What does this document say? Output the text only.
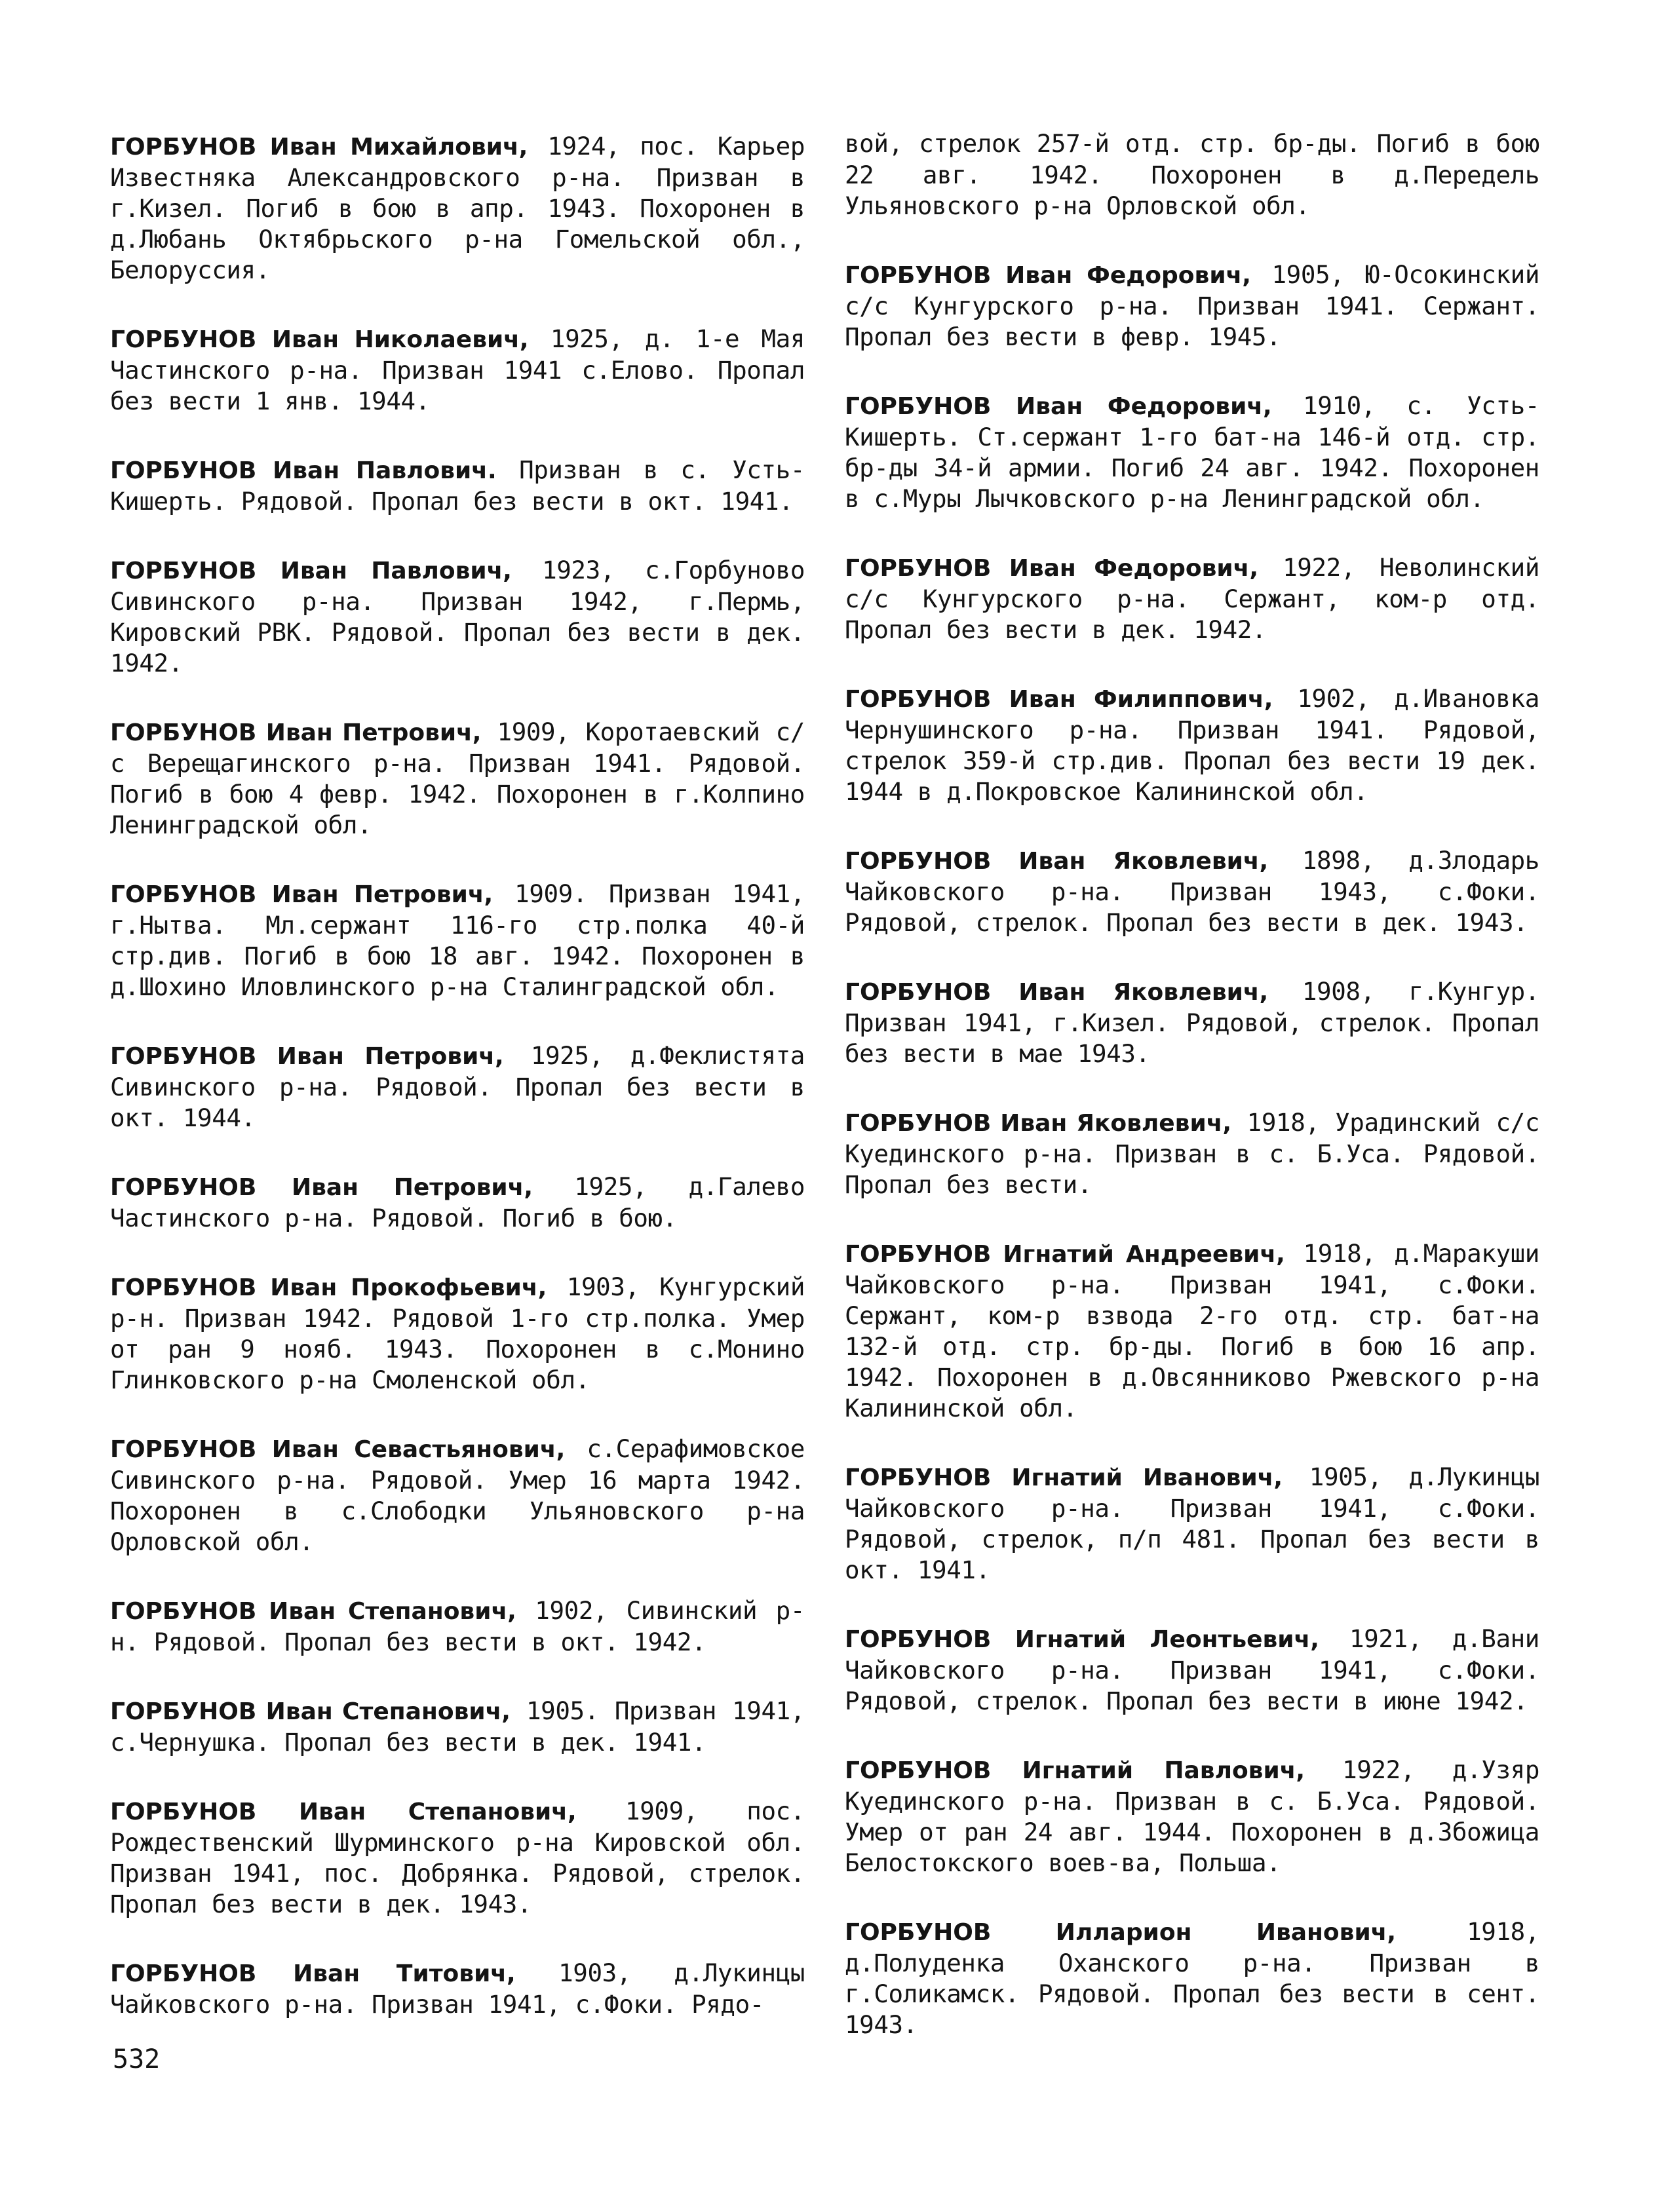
ГОРБУНОВ Иван Михайлович, 1924, пос. Карьер Известняка Александровского р-на. Призван в г.Кизел. Погиб в бою в апр. 1943. Похоронен в д.Любань Октябрьского р-на Гомельской обл., Белоруссия.

ГОРБУНОВ Иван Николаевич, 1925, д. 1-е Мая Частинского р-на. Призван 1941 с.Елово. Пропал без вести 1 янв. 1944.

ГОРБУНОВ Иван Павлович. Призван в с. Усть-Кишерть. Рядовой. Пропал без вести в окт. 1941.

ГОРБУНОВ Иван Павлович, 1923, с.Горбуново Сивинского р-на. Призван 1942, г.Пермь, Кировский РВК. Рядовой. Пропал без вести в дек. 1942.

ГОРБУНОВ Иван Петрович, 1909, Коротаевский с/с Верещагинского р-на. Призван 1941. Рядовой. Погиб в бою 4 февр. 1942. Похоронен в г.Колпино Ленинградской обл.

ГОРБУНОВ Иван Петрович, 1909. Призван 1941, г.Нытва. Мл.сержант 116-го стр.полка 40-й стр.див. Погиб в бою 18 авг. 1942. Похоронен в д.Шохино Иловлинского р-на Сталинградской обл.

ГОРБУНОВ Иван Петрович, 1925, д.Феклистята Сивинского р-на. Рядовой. Пропал без вести в окт. 1944.

ГОРБУНОВ Иван Петрович, 1925, д.Галево Частинского р-на. Рядовой. Погиб в бою.

ГОРБУНОВ Иван Прокофьевич, 1903, Кунгурский р-н. Призван 1942. Рядовой 1-го стр.полка. Умер от ран 9 нояб. 1943. Похоронен в с.Монино Глинковского р-на Смоленской обл.

ГОРБУНОВ Иван Севастьянович, с.Серафимовское Сивинского р-на. Рядовой. Умер 16 марта 1942. Похоронен в с.Слободки Ульяновского р-на Орловской обл.

ГОРБУНОВ Иван Степанович, 1902, Сивинский р-н. Рядовой. Пропал без вести в окт. 1942.

ГОРБУНОВ Иван Степанович, 1905. Призван 1941, с.Чернушка. Пропал без вести в дек. 1941.

ГОРБУНОВ Иван Степанович, 1909, пос. Рождественский Шурминского р-на Кировской обл. Призван 1941, пос. Добрянка. Рядовой, стрелок. Пропал без вести в дек. 1943.

ГОРБУНОВ Иван Титович, 1903, д.Лукинцы Чайковского р-на. Призван 1941, с.Фоки. Рядо-

вой, стрелок 257-й отд. стр. бр-ды. Погиб в бою 22 авг. 1942. Похоронен в д.Передель Ульяновского р-на Орловской обл.

ГОРБУНОВ Иван Федорович, 1905, Ю-Осокинский с/с Кунгурского р-на. Призван 1941. Сержант. Пропал без вести в февр. 1945.

ГОРБУНОВ Иван Федорович, 1910, с. Усть-Кишерть. Ст.сержант 1-го бат-на 146-й отд. стр. бр-ды 34-й армии. Погиб 24 авг. 1942. Похоронен в с.Муры Лычковского р-на Ленинградской обл.

ГОРБУНОВ Иван Федорович, 1922, Неволинский с/с Кунгурского р-на. Сержант, ком-р отд. Пропал без вести в дек. 1942.

ГОРБУНОВ Иван Филиппович, 1902, д.Ивановка Чернушинского р-на. Призван 1941. Рядовой, стрелок 359-й стр.див. Пропал без вести 19 дек. 1944 в д.Покровское Калининской обл.

ГОРБУНОВ Иван Яковлевич, 1898, д.Злодарь Чайковского р-на. Призван 1943, с.Фоки. Рядовой, стрелок. Пропал без вести в дек. 1943.

ГОРБУНОВ Иван Яковлевич, 1908, г.Кунгур. Призван 1941, г.Кизел. Рядовой, стрелок. Пропал без вести в мае 1943.

ГОРБУНОВ Иван Яковлевич, 1918, Урадинский с/с Куединского р-на. Призван в с. Б.Уса. Рядовой. Пропал без вести.

ГОРБУНОВ Игнатий Андреевич, 1918, д.Маракуши Чайковского р-на. Призван 1941, с.Фоки. Сержант, ком-р взвода 2-го отд. стр. бат-на 132-й отд. стр. бр-ды. Погиб в бою 16 апр. 1942. Похоронен в д.Овсянниково Ржевского р-на Калининской обл.

ГОРБУНОВ Игнатий Иванович, 1905, д.Лукинцы Чайковского р-на. Призван 1941, с.Фоки. Рядовой, стрелок, п/п 481. Пропал без вести в окт. 1941.

ГОРБУНОВ Игнатий Леонтьевич, 1921, д.Вани Чайковского р-на. Призван 1941, с.Фоки. Рядовой, стрелок. Пропал без вести в июне 1942.

ГОРБУНОВ Игнатий Павлович, 1922, д.Узяр Куединского р-на. Призван в с. Б.Уса. Рядовой. Умер от ран 24 авг. 1944. Похоронен в д.Збожица Белостокского воев-ва, Польша.

ГОРБУНОВ Илларион Иванович, 1918, д.Полуденка Оханского р-на. Призван в г.Соликамск. Рядовой. Пропал без вести в сент. 1943.

532
